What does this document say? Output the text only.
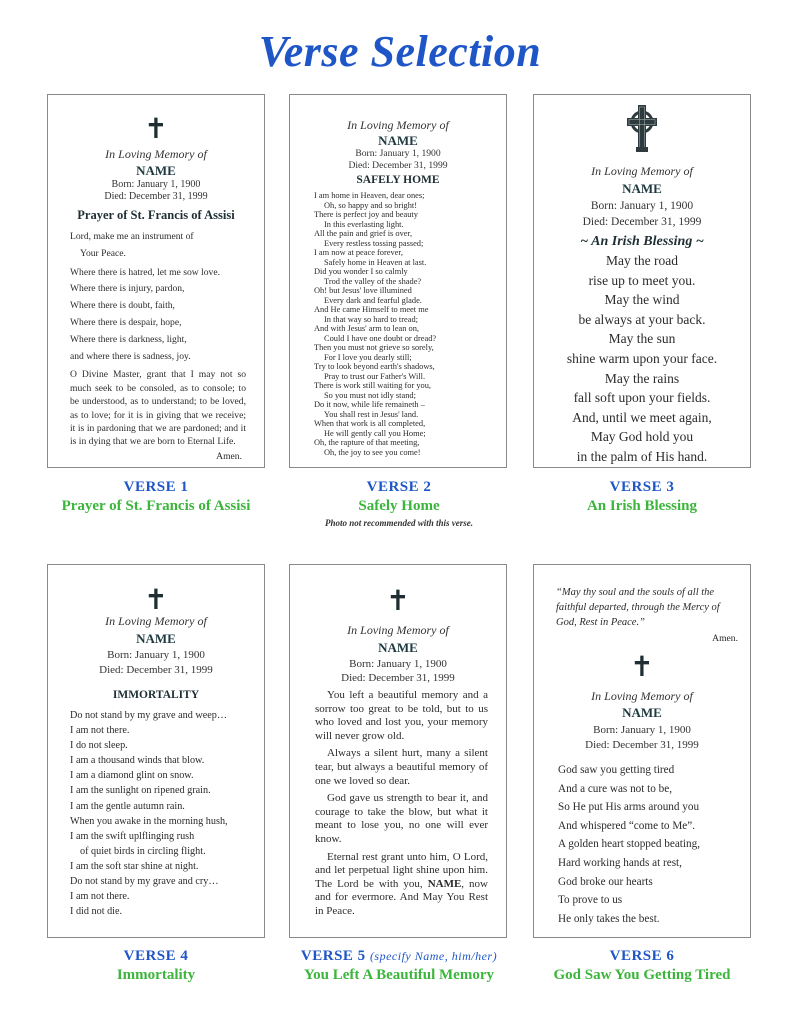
Verse Selection
✝
In Loving Memory of
NAME
Born: January 1, 1900
Died: December 31, 1999
Prayer of St. Francis of Assisi
Lord, make me an instrument of
Your Peace.
Where there is hatred, let me sow love.
Where there is injury, pardon,
Where there is doubt, faith,
Where there is despair, hope,
Where there is darkness, light,
and where there is sadness, joy.

O Divine Master, grant that I may not so much seek to be consoled, as to console; to be understood, as to understand; to be loved, as to love; for it is in giving that we receive; it is in pardoning that we are pardoned; and it is in dying that we are born to Eternal Life.

Amen.
VERSE 1
Prayer of St. Francis of Assisi
In Loving Memory of
NAME
Born: January 1, 1900
Died: December 31, 1999
SAFELY HOME
I am home in Heaven, dear ones;
Oh, so happy and so bright!
There is perfect joy and beauty
In this everlasting light.
All the pain and grief is over,
Every restless tossing passed;
I am now at peace forever,
Safely home in Heaven at last.
Did you wonder I so calmly
Trod the valley of the shade?
Oh! but Jesus' love illumined
Every dark and fearful glade.
And He came Himself to meet me
In that way so hard to tread;
And with Jesus' arm to lean on,
Could I have one doubt or dread?
Then you must not grieve so sorely,
For I love you dearly still;
Try to look beyond earth's shadows,
Pray to trust our Father's Will.
There is work still waiting for you,
So you must not idly stand;
Do it now, while life remaineth –
You shall rest in Jesus' land.
When that work is all completed,
He will gently call you Home;
Oh, the rapture of that meeting,
Oh, the joy to see you come!
VERSE 2
Safely Home
Photo not recommended with this verse.
In Loving Memory of
NAME
Born: January 1, 1900
Died: December 31, 1999
~ An Irish Blessing ~
May the road
rise up to meet you.
May the wind
be always at your back.
May the sun
shine warm upon your face.
May the rains
fall soft upon your fields.
And, until we meet again,
May God hold you
in the palm of His hand.
VERSE 3
An Irish Blessing
✝
In Loving Memory of
NAME
Born: January 1, 1900
Died: December 31, 1999
IMMORTALITY
Do not stand by my grave and weep…
I am not there.
I do not sleep.
I am a thousand winds that blow.
I am a diamond glint on snow.
I am the sunlight on ripened grain.
I am the gentle autumn rain.
When you awake in the morning hush,
I am the swift uplflinging rush
of quiet birds in circling flight.
I am the soft star shine at night.
Do not stand by my grave and cry…
I am not there.
I did not die.
VERSE 4
Immortality
✝
In Loving Memory of
NAME
Born: January 1, 1900
Died: December 31, 1999

You left a beautiful memory and a sorrow too great to be told, but to us who loved and lost you, your memory will never grow old.

Always a silent hurt, many a silent tear, but always a beautiful memory of one we loved so dear.

God gave us strength to bear it, and courage to take the blow, but what it meant to lose you, no one will ever know.

Eternal rest grant unto him, O Lord, and let perpetual light shine upon him. The Lord be with you, NAME, now and for evermore. And May You Rest in Peace.

VERSE 5 (specify Name, him/her)
You Left A Beautiful Memory

“May thy soul and the souls of all the faithful departed, through the Mercy of God, Rest in Peace.”

Amen.
✝
In Loving Memory of
NAME
Born: January 1, 1900
Died: December 31, 1999
God saw you getting tired
And a cure was not to be,
So He put His arms around you
And whispered “come to Me”.
A golden heart stopped beating,
Hard working hands at rest,
God broke our hearts
To prove to us
He only takes the best.
VERSE 6
God Saw You Getting Tired
